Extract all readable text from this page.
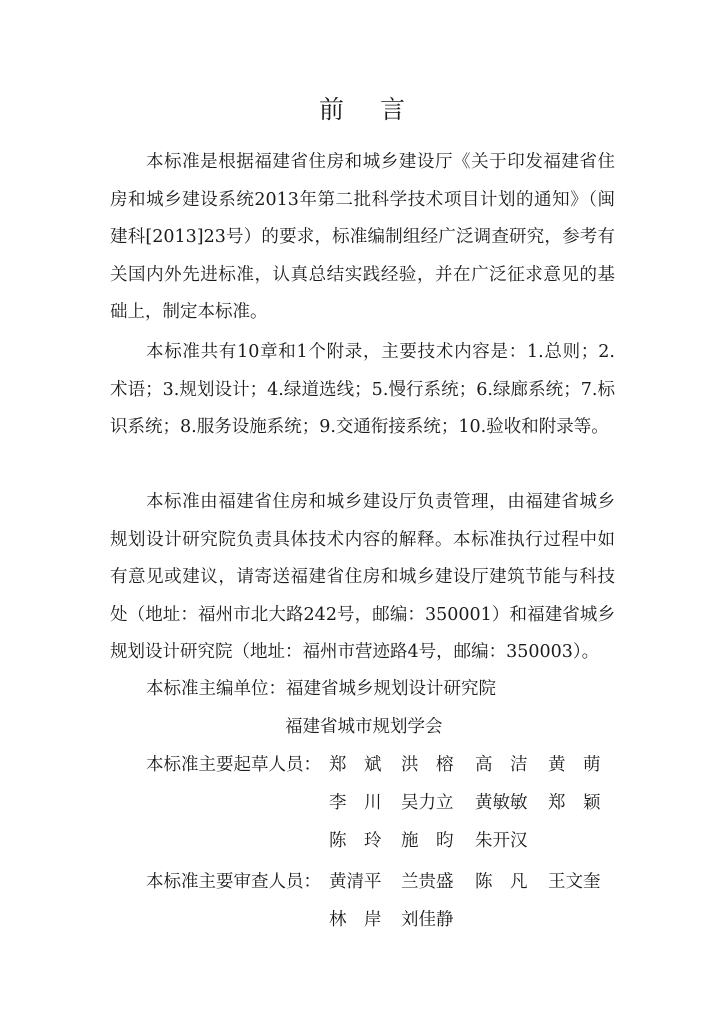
前 言

本标准是根据福建省住房和城乡建设厅《关于印发福建省住房和城乡建设系统2013年第二批科学技术项目计划的通知》（闽建科[2013]23号）的要求，标准编制组经广泛调查研究，参考有关国内外先进标准，认真总结实践经验，并在广泛征求意见的基础上，制定本标准。

本标准共有10章和1个附录，主要技术内容是：1.总则；2.术语；3.规划设计；4.绿道选线；5.慢行系统；6.绿廊系统；7.标识系统；8.服务设施系统；9.交通衔接系统；10.验收和附录等。

本标准由福建省住房和城乡建设厅负责管理，由福建省城乡规划设计研究院负责具体技术内容的解释。本标准执行过程中如有意见或建议，请寄送福建省住房和城乡建设厅建筑节能与科技处（地址：福州市北大路242号，邮编：350001）和福建省城乡规划设计研究院（地址：福州市营迹路4号，邮编：350003）。

本标准主编单位：福建省城乡规划设计研究院
福建省城市规划学会
本标准主要起草人员： 郑　斌 洪　榕 高　洁 黄　萌
李　川 吴力立 黄敏敏 郑　颖
陈　玲 施　昀 朱开汉
本标准主要审查人员： 黄清平 兰贵盛 陈　凡 王文奎
林　岸 刘佳静
